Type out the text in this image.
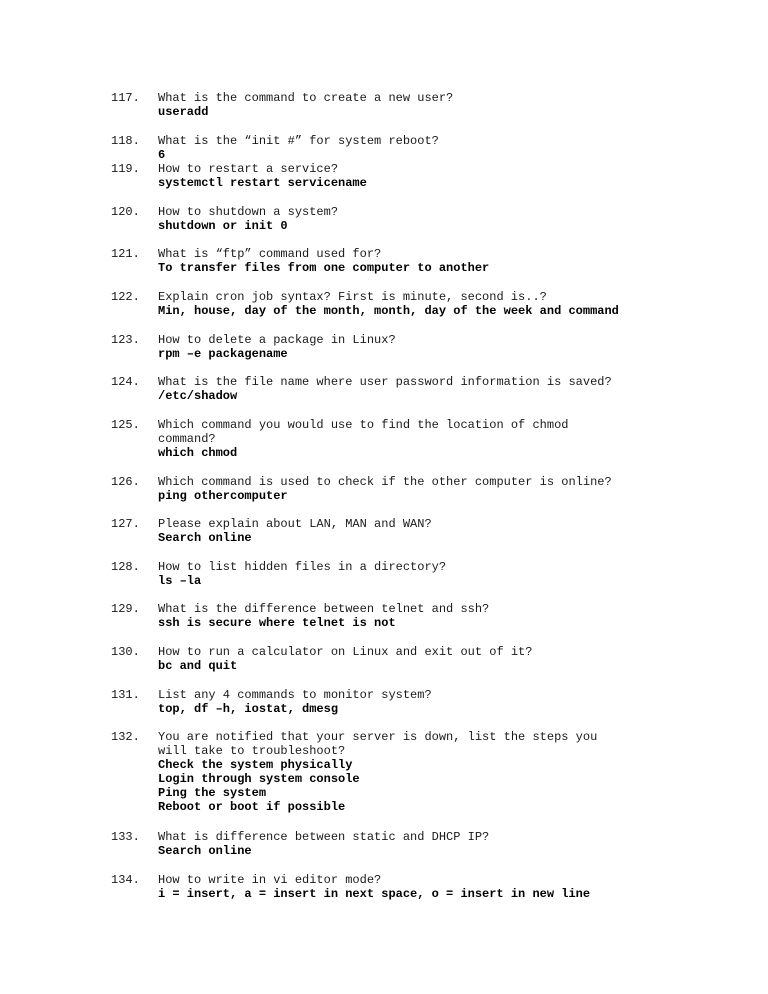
117. What is the command to create a new user?
useradd
118. What is the “init #” for system reboot?
6
119. How to restart a service?
systemctl restart servicename
120. How to shutdown a system?
shutdown or init 0
121. What is “ftp” command used for?
To transfer files from one computer to another
122. Explain cron job syntax? First is minute, second is..?
Min, house, day of the month, month, day of the week and command
123. How to delete a package in Linux?
rpm –e packagename
124. What is the file name where user password information is saved?
/etc/shadow
125. Which command you would use to find the location of chmod command?
which chmod
126. Which command is used to check if the other computer is online?
ping othercomputer
127. Please explain about LAN, MAN and WAN?
Search online
128. How to list hidden files in a directory?
ls –la
129. What is the difference between telnet and ssh?
ssh is secure where telnet is not
130. How to run a calculator on Linux and exit out of it?
bc and quit
131. List any 4 commands to monitor system?
top, df –h, iostat, dmesg
132. You are notified that your server is down, list the steps you will take to troubleshoot?
Check the system physically
Login through system console
Ping the system
Reboot or boot if possible
133. What is difference between static and DHCP IP?
Search online
134. How to write in vi editor mode?
i = insert, a = insert in next space, o = insert in new line
